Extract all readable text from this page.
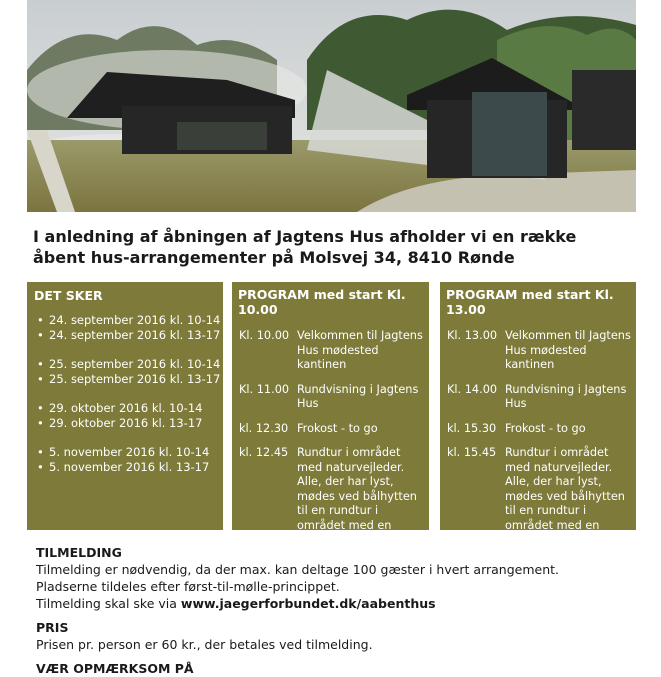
I anledning af åbningen af Jagtens Hus afholder vi en række
åbent hus-arrangementer på Molsvej 34, 8410 Rønde
DET SKER
• 24. september 2016 kl. 10-14
• 24. september 2016 kl. 13-17
• 25. september 2016 kl. 10-14
• 25. september 2016 kl. 13-17
• 29. oktober 2016 kl. 10-14
• 29. oktober 2016 kl. 13-17
• 5. november 2016 kl. 10-14
• 5. november 2016 kl. 13-17
PROGRAM med start Kl. 10.00
Kl. 10.00 Velkommen til Jagtens Hus mødested kantinen
Kl. 11.00 Rundvisning i Jagtens Hus
kl. 12.30 Frokost - to go
kl. 12.45 Rundtur i området med naturvejleder. Alle, der har lyst, mødes ved bålhytten til en rundtur i området med en naturvejleder.
PROGRAM med start Kl. 13.00
Kl. 13.00 Velkommen til Jagtens Hus mødested kantinen
Kl. 14.00 Rundvisning i Jagtens Hus
kl. 15.30 Frokost - to go
kl. 15.45 Rundtur i området med naturvejleder. Alle, der har lyst, mødes ved bålhytten til en rundtur i området med en naturvejleder.
TILMELDING
Tilmelding er nødvendig, da der max. kan deltage 100 gæster i hvert arrangement.
Pladserne tildeles efter først-til-mølle-princippet.
Tilmelding skal ske via www.jaegerforbundet.dk/aabenthus
PRIS
Prisen pr. person er 60 kr., der betales ved tilmelding.
VÆR OPMÆRKSOM PÅ
